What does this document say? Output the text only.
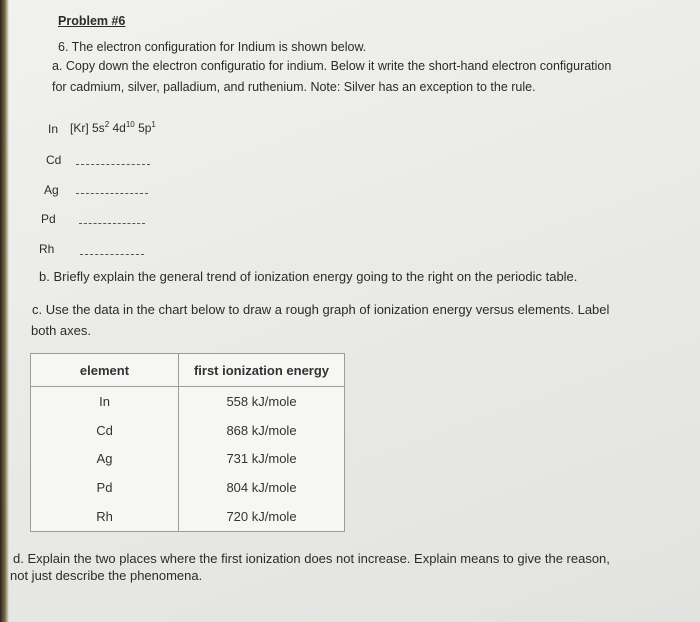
Problem #6
6. The electron configuration for Indium is shown below.
a. Copy down the electron configuratio for indium. Below it write the short-hand electron configuration
for cadmium, silver, palladium, and ruthenium. Note: Silver has an exception to the rule.
In [Kr] $5s^2$ $4d^{10}$ $5p^1$
Cd
Ag
Pd
Rh
b. Briefly explain the general trend of ionization energy going to the right on the periodic table.
c. Use the data in the chart below to draw a rough graph of ionization energy versus elements. Label
both axes.
element	first ionization energy
In	558 kJ/mole
Cd	868 kJ/mole
Ag	731 kJ/mole
Pd	804 kJ/mole
Rh	720 kJ/mole
d. Explain the two places where the first ionization does not increase. Explain means to give the reason,
not just describe the phenomena.
